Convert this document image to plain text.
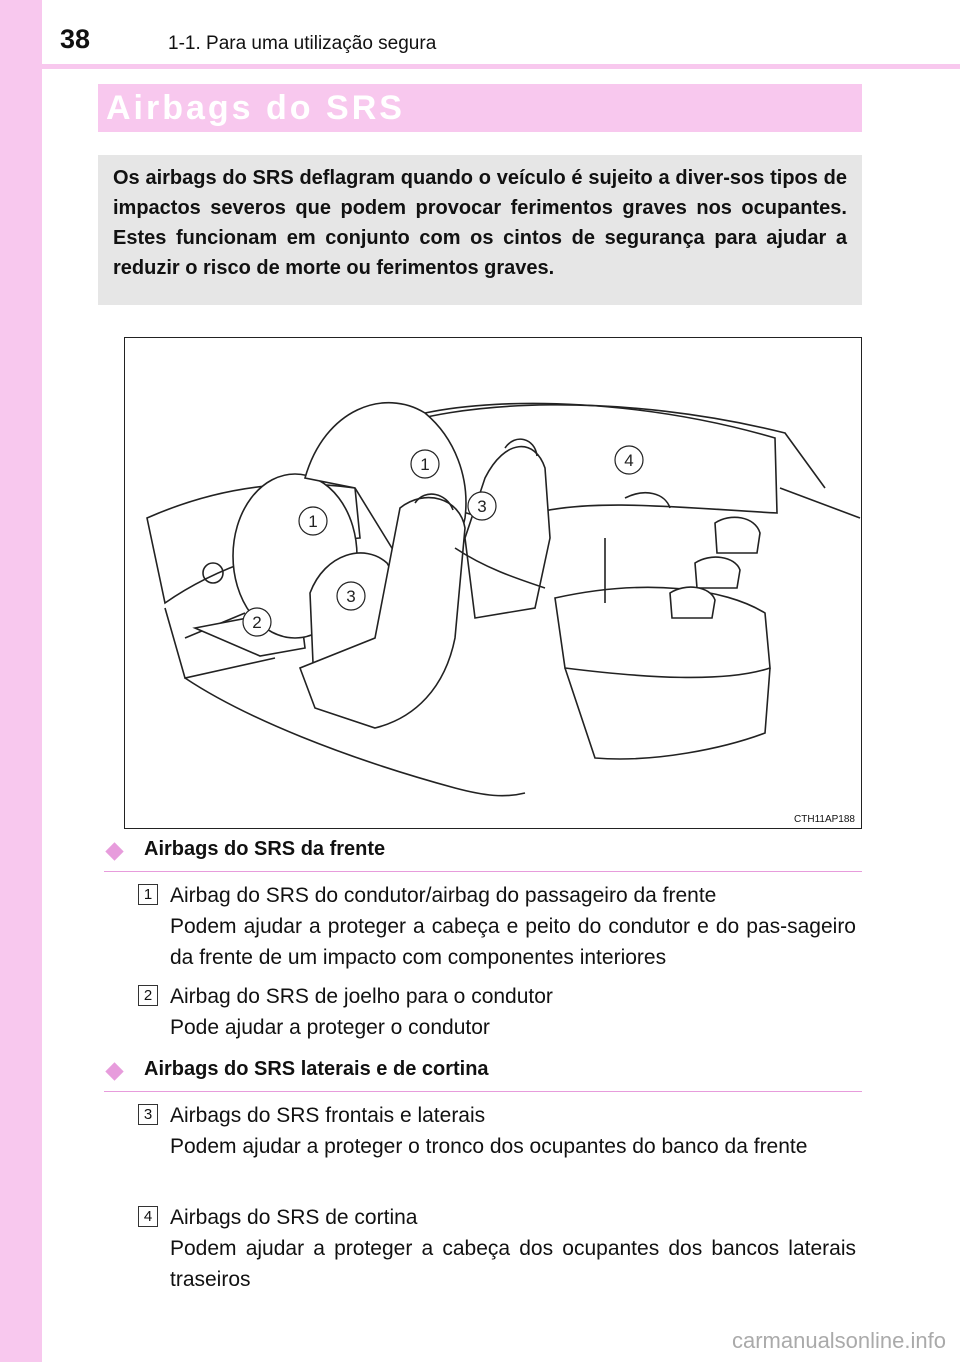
38	1-1. Para uma utilização segura
Airbags do SRS
Os airbags do SRS deflagram quando o veículo é sujeito a diver-sos tipos de impactos severos que podem provocar ferimentos graves nos ocupantes. Estes funcionam em conjunto com os cintos de segurança para ajudar a reduzir o risco de morte ou ferimentos graves.
1
1
2
3
3
4
CTH11AP188
Airbags do SRS da frente
1 Airbag do SRS do condutor/airbag do passageiro da frente
Podem ajudar a proteger a cabeça e peito do condutor e do pas-sageiro da frente de um impacto com componentes interiores
2 Airbag do SRS de joelho para o condutor
Pode ajudar a proteger o condutor
Airbags do SRS laterais e de cortina
3 Airbags do SRS frontais e laterais
Podem ajudar a proteger o tronco dos ocupantes do banco da frente
4 Airbags do SRS de cortina
Podem ajudar a proteger a cabeça dos ocupantes dos bancos laterais traseiros
carmanualsonline.info
